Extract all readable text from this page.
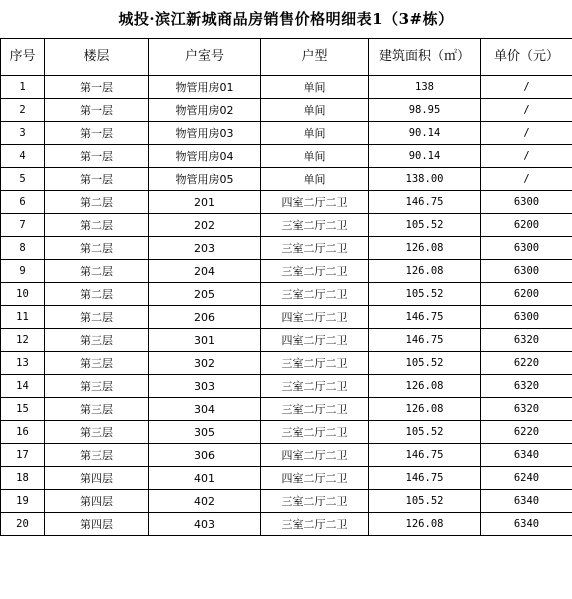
城投·滨江新城商品房销售价格明细表1（3#栋）
序号	楼层	户室号	户型	建筑面积（㎡）	单价（元）
1	第一层	物管用房01	单间	138	/
2	第一层	物管用房02	单间	98.95	/
3	第一层	物管用房03	单间	90.14	/
4	第一层	物管用房04	单间	90.14	/
5	第一层	物管用房05	单间	138.00	/
6	第二层	201	四室二厅二卫	146.75	6300
7	第二层	202	三室二厅二卫	105.52	6200
8	第二层	203	三室二厅二卫	126.08	6300
9	第二层	204	三室二厅二卫	126.08	6300
10	第二层	205	三室二厅二卫	105.52	6200
11	第二层	206	四室二厅二卫	146.75	6300
12	第三层	301	四室二厅二卫	146.75	6320
13	第三层	302	三室二厅二卫	105.52	6220
14	第三层	303	三室二厅二卫	126.08	6320
15	第三层	304	三室二厅二卫	126.08	6320
16	第三层	305	三室二厅二卫	105.52	6220
17	第三层	306	四室二厅二卫	146.75	6340
18	第四层	401	四室二厅二卫	146.75	6240
19	第四层	402	三室二厅二卫	105.52	6340
20	第四层	403	三室二厅二卫	126.08	6340
